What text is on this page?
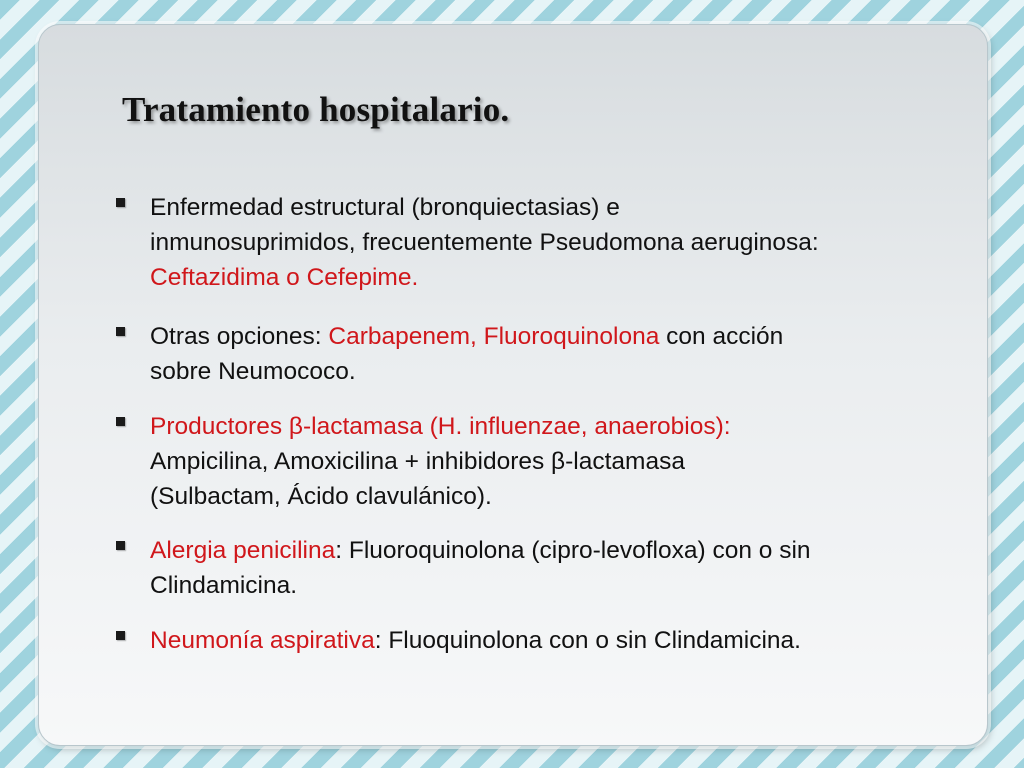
Tratamiento hospitalario.
Enfermedad estructural (bronquiectasias) e
inmunosuprimidos, frecuentemente Pseudomona aeruginosa:
Ceftazidima o Cefepime.
Otras opciones: Carbapenem, Fluoroquinolona con acción
sobre Neumococo.
Productores β-lactamasa (H. influenzae, anaerobios):
Ampicilina, Amoxicilina + inhibidores β-lactamasa
(Sulbactam, Ácido clavulánico).
Alergia penicilina: Fluoroquinolona (cipro-levofloxa) con o sin
Clindamicina.
Neumonía aspirativa: Fluoquinolona con o sin Clindamicina.
